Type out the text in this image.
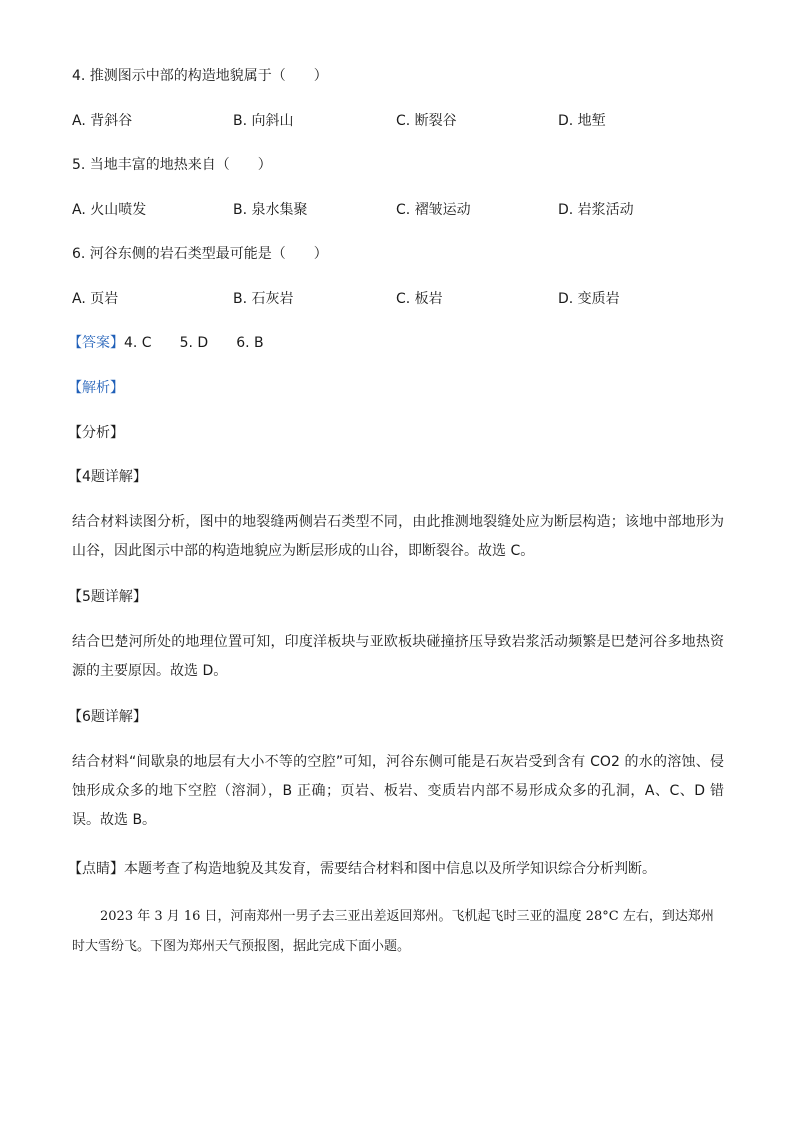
4. 推测图示中部的构造地貌属于（　　）
A. 背斜谷	B. 向斜山	C. 断裂谷	D. 地堑
5. 当地丰富的地热来自（　　）
A. 火山喷发	B. 泉水集聚	C. 褶皱运动	D. 岩浆活动
6. 河谷东侧的岩石类型最可能是（　　）
A. 页岩	B. 石灰岩	C. 板岩	D. 变质岩
【答案】4. C 5. D 6. B
【解析】
【分析】
【4题详解】
结合材料读图分析，图中的地裂缝两侧岩石类型不同，由此推测地裂缝处应为断层构造；该地中部地形为山谷，因此图示中部的构造地貌应为断层形成的山谷，即断裂谷。故选 C。
【5题详解】
结合巴楚河所处的地理位置可知，印度洋板块与亚欧板块碰撞挤压导致岩浆活动频繁是巴楚河谷多地热资源的主要原因。故选 D。
【6题详解】
结合材料“间歇泉的地层有大小不等的空腔”可知，河谷东侧可能是石灰岩受到含有 CO2 的水的溶蚀、侵蚀形成众多的地下空腔（溶洞），B 正确；页岩、板岩、变质岩内部不易形成众多的孔洞，A、C、D 错误。故选 B。
【点睛】本题考查了构造地貌及其发育，需要结合材料和图中信息以及所学知识综合分析判断。
2023 年 3 月 16 日，河南郑州一男子去三亚出差返回郑州。飞机起飞时三亚的温度 28°C 左右，到达郑州时大雪纷飞。下图为郑州天气预报图，据此完成下面小题。
